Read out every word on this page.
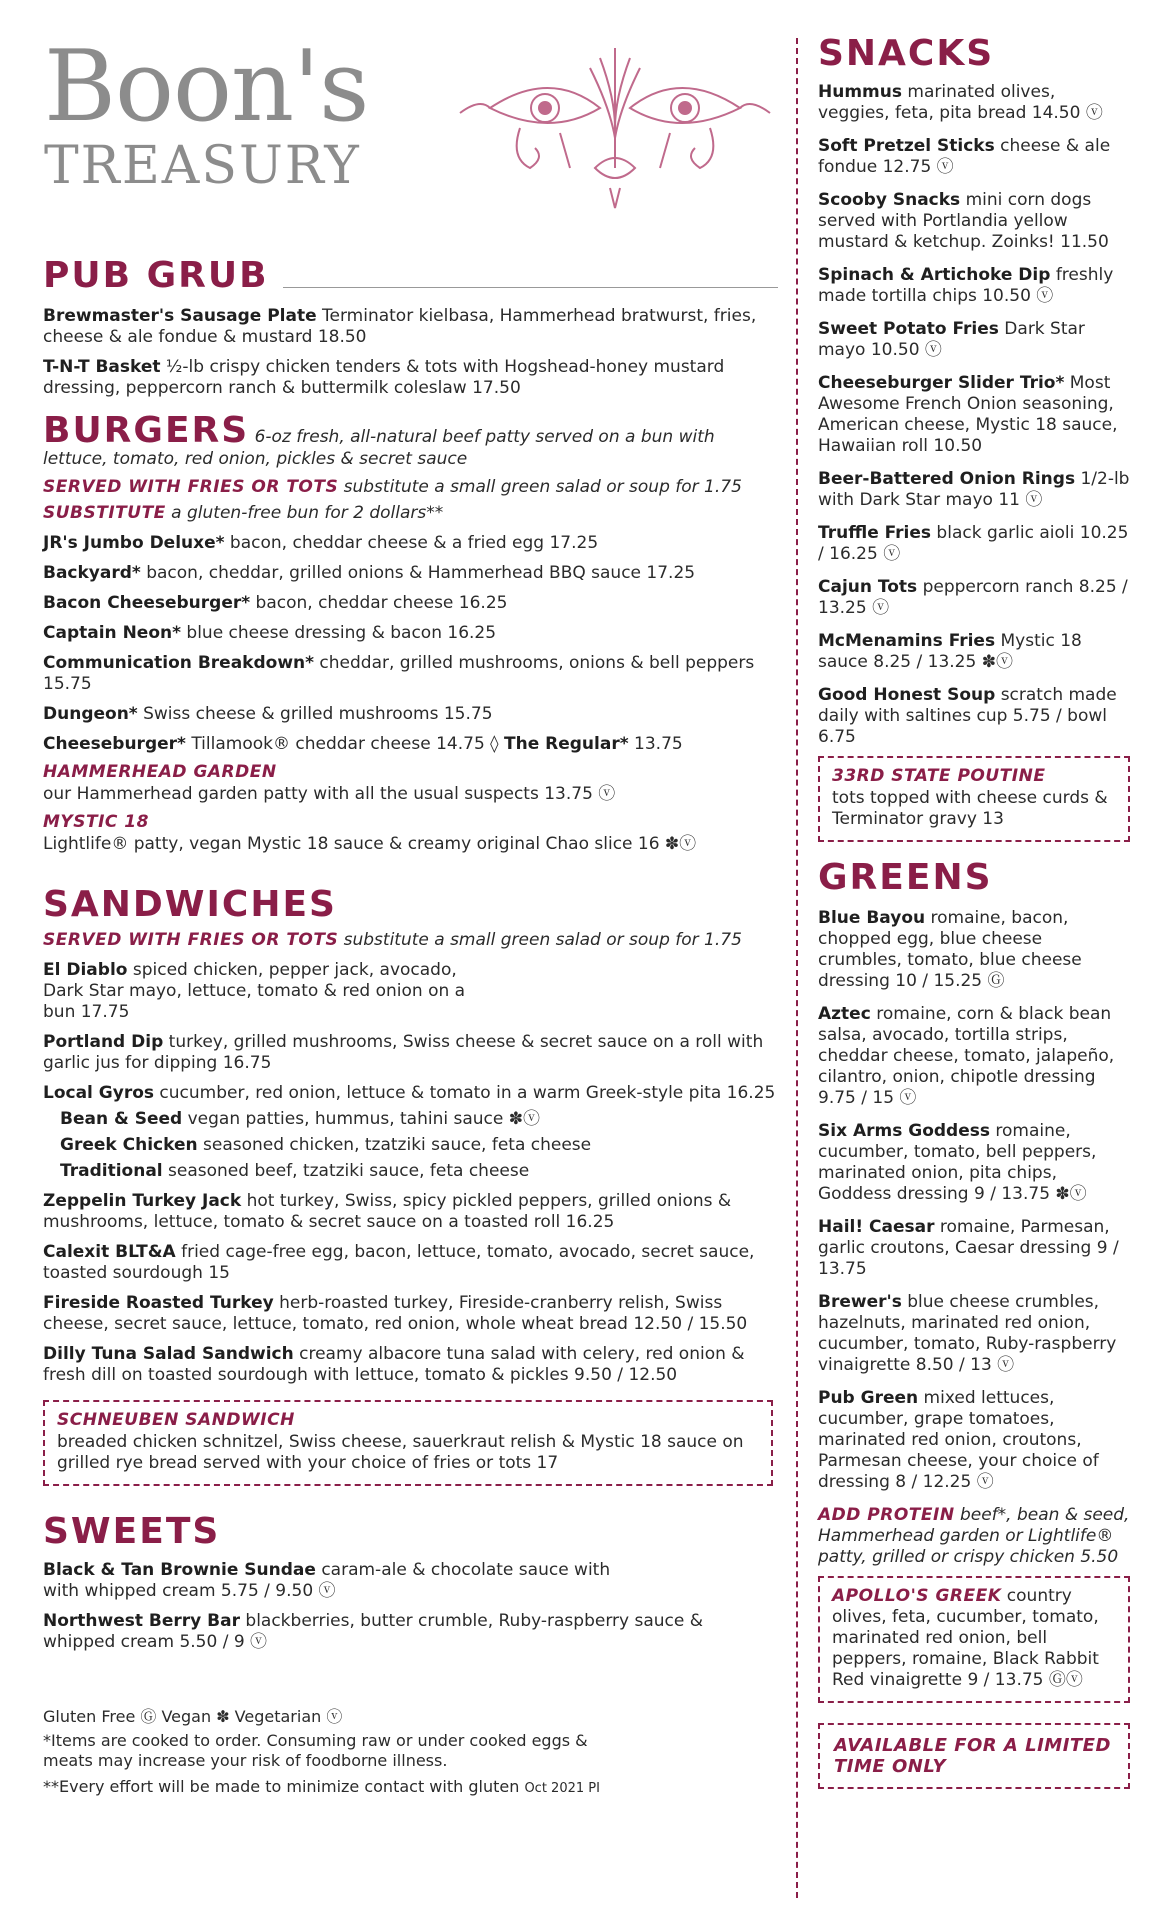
Boon's
TREASURY
PUB GRUB
Brewmaster's Sausage Plate Terminator kielbasa, Hammerhead bratwurst, fries, cheese & ale fondue & mustard 18.50
T-N-T Basket ½-lb crispy chicken tenders & tots with Hogshead-honey mustard dressing, peppercorn ranch & buttermilk coleslaw 17.50
BURGERS 6-oz fresh, all-natural beef patty served on a bun with lettuce, tomato, red onion, pickles & secret sauce
SERVED WITH FRIES OR TOTS substitute a small green salad or soup for 1.75
SUBSTITUTE a gluten-free bun for 2 dollars**
JR's Jumbo Deluxe* bacon, cheddar cheese & a fried egg 17.25
Backyard* bacon, cheddar, grilled onions & Hammerhead BBQ sauce 17.25
Bacon Cheeseburger* bacon, cheddar cheese 16.25
Captain Neon* blue cheese dressing & bacon 16.25
Communication Breakdown* cheddar, grilled mushrooms, onions & bell peppers 15.75
Dungeon* Swiss cheese & grilled mushrooms 15.75
Cheeseburger* Tillamook® cheddar cheese 14.75 ◊ The Regular* 13.75
HAMMERHEAD GARDEN
our Hammerhead garden patty with all the usual suspects 13.75 ⓥ
MYSTIC 18
Lightlife® patty, vegan Mystic 18 sauce & creamy original Chao slice 16 ✽ⓥ
SANDWICHES
SERVED WITH FRIES OR TOTS substitute a small green salad or soup for 1.75
El Diablo spiced chicken, pepper jack, avocado, Dark Star mayo, lettuce, tomato & red onion on a bun 17.75
Portland Dip turkey, grilled mushrooms, Swiss cheese & secret sauce on a roll with garlic jus for dipping 16.75
Local Gyros cucumber, red onion, lettuce & tomato in a warm Greek-style pita 16.25
Bean & Seed vegan patties, hummus, tahini sauce ✽ⓥ
Greek Chicken seasoned chicken, tzatziki sauce, feta cheese
Traditional seasoned beef, tzatziki sauce, feta cheese
Zeppelin Turkey Jack hot turkey, Swiss, spicy pickled peppers, grilled onions & mushrooms, lettuce, tomato & secret sauce on a toasted roll 16.25
Calexit BLT&A fried cage-free egg, bacon, lettuce, tomato, avocado, secret sauce, toasted sourdough 15
Fireside Roasted Turkey herb-roasted turkey, Fireside-cranberry relish, Swiss cheese, secret sauce, lettuce, tomato, red onion, whole wheat bread 12.50 / 15.50
Dilly Tuna Salad Sandwich creamy albacore tuna salad with celery, red onion & fresh dill on toasted sourdough with lettuce, tomato & pickles 9.50 / 12.50
SCHNEUBEN SANDWICH
breaded chicken schnitzel, Swiss cheese, sauerkraut relish & Mystic 18 sauce on grilled rye bread served with your choice of fries or tots 17
SWEETS
Black & Tan Brownie Sundae caram-ale & chocolate sauce with with whipped cream 5.75 / 9.50 ⓥ
Northwest Berry Bar blackberries, butter crumble, Ruby-raspberry sauce & whipped cream 5.50 / 9 ⓥ
Gluten Free Ⓖ Vegan ✽ Vegetarian ⓥ
*Items are cooked to order. Consuming raw or under cooked eggs & meats may increase your risk of foodborne illness.
**Every effort will be made to minimize contact with gluten Oct 2021 PI
SNACKS
Hummus marinated olives, veggies, feta, pita bread 14.50 ⓥ
Soft Pretzel Sticks cheese & ale fondue 12.75 ⓥ
Scooby Snacks mini corn dogs served with Portlandia yellow mustard & ketchup. Zoinks! 11.50
Spinach & Artichoke Dip freshly made tortilla chips 10.50 ⓥ
Sweet Potato Fries Dark Star mayo 10.50 ⓥ
Cheeseburger Slider Trio* Most Awesome French Onion seasoning, American cheese, Mystic 18 sauce, Hawaiian roll 10.50
Beer-Battered Onion Rings 1/2-lb with Dark Star mayo 11 ⓥ
Truffle Fries black garlic aioli 10.25 / 16.25 ⓥ
Cajun Tots peppercorn ranch 8.25 / 13.25 ⓥ
McMenamins Fries Mystic 18 sauce 8.25 / 13.25 ✽ⓥ
Good Honest Soup scratch made daily with saltines cup 5.75 / bowl 6.75
33RD STATE POUTINE
tots topped with cheese curds & Terminator gravy 13
GREENS
Blue Bayou romaine, bacon, chopped egg, blue cheese crumbles, tomato, blue cheese dressing 10 / 15.25 Ⓖ
Aztec romaine, corn & black bean salsa, avocado, tortilla strips, cheddar cheese, tomato, jalapeño, cilantro, onion, chipotle dressing 9.75 / 15 ⓥ
Six Arms Goddess romaine, cucumber, tomato, bell peppers, marinated onion, pita chips, Goddess dressing 9 / 13.75 ✽ⓥ
Hail! Caesar romaine, Parmesan, garlic croutons, Caesar dressing 9 / 13.75
Brewer's blue cheese crumbles, hazelnuts, marinated red onion, cucumber, tomato, Ruby-raspberry vinaigrette 8.50 / 13 ⓥ
Pub Green mixed lettuces, cucumber, grape tomatoes, marinated red onion, croutons, Parmesan cheese, your choice of dressing 8 / 12.25 ⓥ
ADD PROTEIN beef*, bean & seed, Hammerhead garden or Lightlife® patty, grilled or crispy chicken 5.50
APOLLO'S GREEK country olives, feta, cucumber, tomato, marinated red onion, bell peppers, romaine, Black Rabbit Red vinaigrette 9 / 13.75 Ⓖⓥ
AVAILABLE FOR A LIMITED TIME ONLY
